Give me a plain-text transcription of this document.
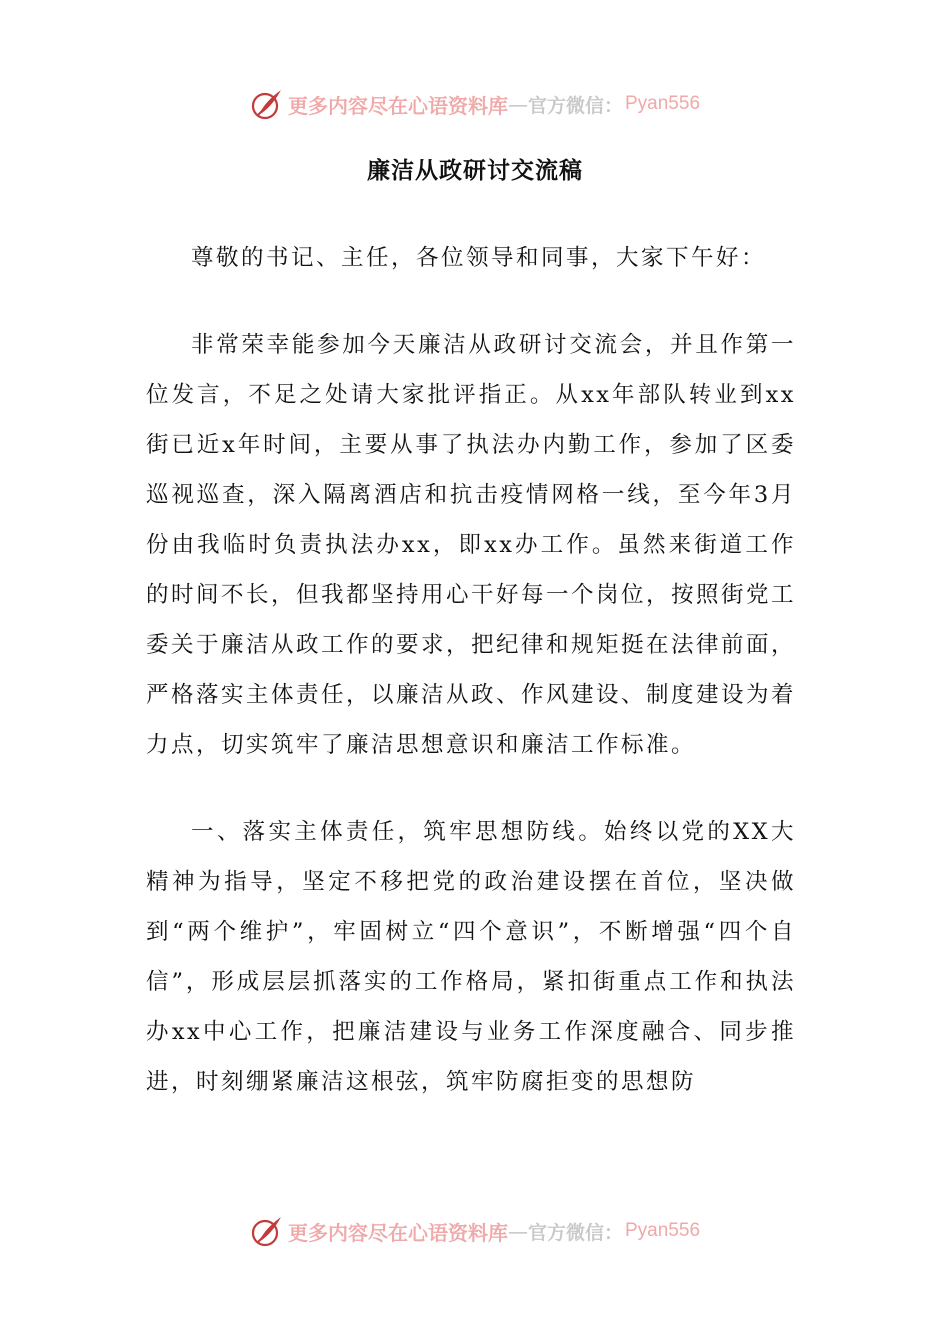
更多内容尽在心语资料库 — 官方微信： Pyan556
廉洁从政研讨交流稿

尊敬的书记、主任，各位领导和同事，大家下午好：

非常荣幸能参加今天廉洁从政研讨交流会，并且作第一位发言，不足之处请大家批评指正。从xx年部队转业到xx街已近x年时间，主要从事了执法办内勤工作，参加了区委巡视巡查，深入隔离酒店和抗击疫情网格一线，至今年3月份由我临时负责执法办xx，即xx办工作。虽然来街道工作的时间不长，但我都坚持用心干好每一个岗位，按照街党工委关于廉洁从政工作的要求，把纪律和规矩挺在法律前面，严格落实主体责任，以廉洁从政、作风建设、制度建设为着力点，切实筑牢了廉洁思想意识和廉洁工作标准。

一、落实主体责任，筑牢思想防线。始终以党的XX大精神为指导，坚定不移把党的政治建设摆在首位，坚决做到“两个维护”，牢固树立“四个意识”，不断增强“四个自信”，形成层层抓落实的工作格局，紧扣街重点工作和执法办xx中心工作，把廉洁建设与业务工作深度融合、同步推进，时刻绷紧廉洁这根弦，筑牢防腐拒变的思想防

更多内容尽在心语资料库 — 官方微信： Pyan556
